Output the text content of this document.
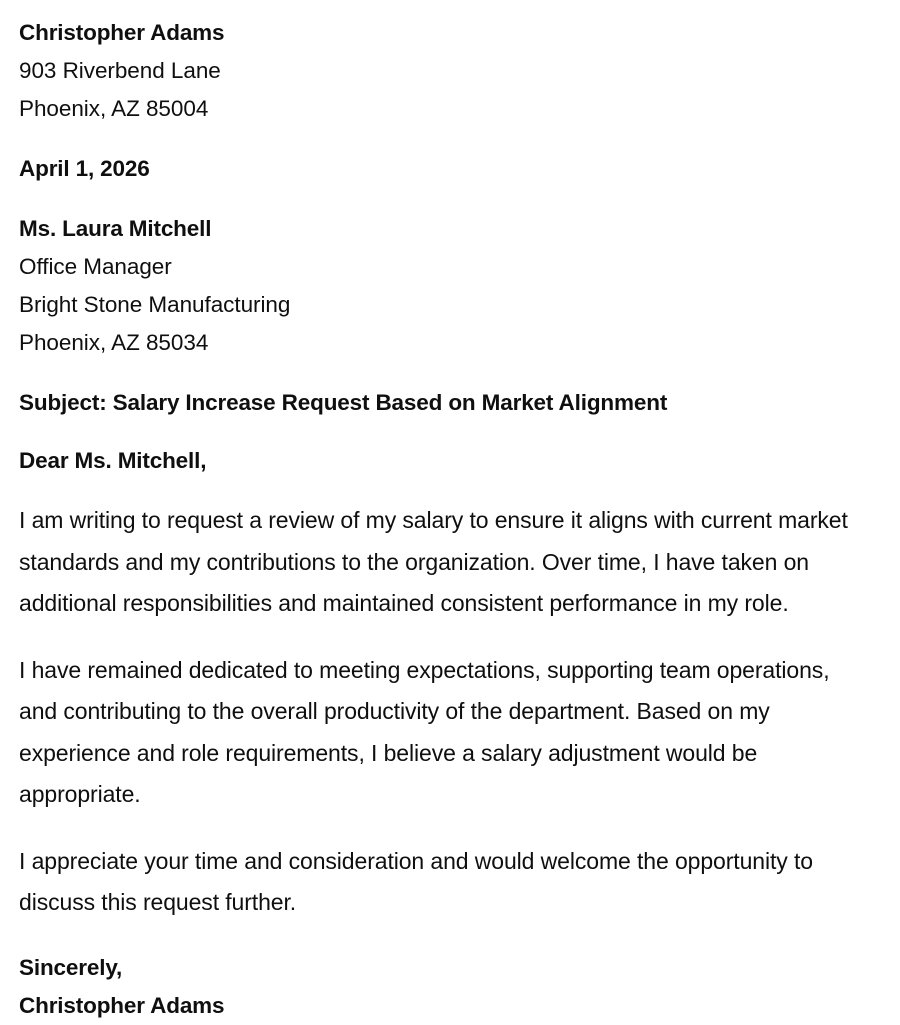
Christopher Adams
903 Riverbend Lane
Phoenix, AZ 85004
April 1, 2026
Ms. Laura Mitchell
Office Manager
Bright Stone Manufacturing
Phoenix, AZ 85034
Subject: Salary Increase Request Based on Market Alignment
Dear Ms. Mitchell,

I am writing to request a review of my salary to ensure it aligns with current market standards and my contributions to the organization. Over time, I have taken on additional responsibilities and maintained consistent performance in my role.

I have remained dedicated to meeting expectations, supporting team operations, and contributing to the overall productivity of the department. Based on my experience and role requirements, I believe a salary adjustment would be appropriate.

I appreciate your time and consideration and would welcome the opportunity to discuss this request further.

Sincerely,
Christopher Adams
